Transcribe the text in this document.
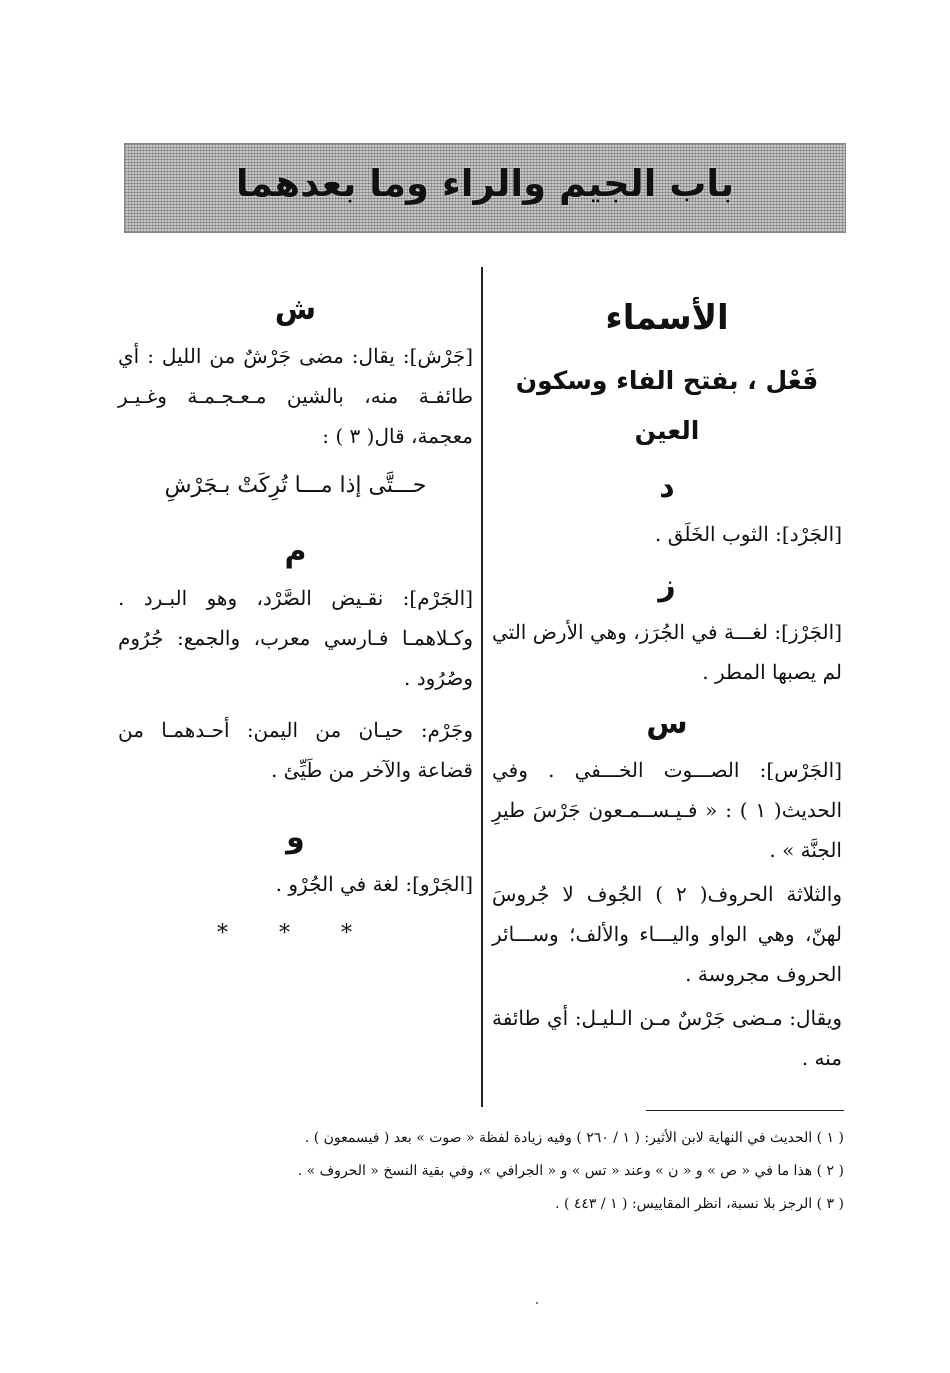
باب الجيم والراء وما بعدهما
الأسماء
فَعْل ، بفتح الفاء وسكون العين
د
[الجَرْد]: الثوب الخَلَق .
ز
[الجَرْز]: لغـــة في الجُرَز، وهي الأرض التي لم يصبها المطر .
س
[الجَرْس]: الصـــوت الخـــفي . وفي الحديث( ١ ) : « فـيـســمـعون جَرْسَ طيرِ الجنَّة » .
والثلاثة الحروف( ٢ ) الجُوف لا جُروسَ لهنّ، وهي الواو واليـــاء والألف؛ وســـائر الحروف مجروسة .
ويقال: مـضى جَرْسٌ مـن الـليـل: أي طائفة منه .
ش
[جَرْش]: يقال: مضى جَرْشٌ من الليل : أي طائفـة منه، بالشين مـعـجـمـة وغـيـر معجمة، قال( ٣ ) :
حـــتَّى إذا مـــا تُرِكَتْ بـجَرْشِ
م
[الجَرْم]: نقـيض الصَّرْد، وهو البـرد . وكـلاهمـا فـارسي معرب، والجمع: جُرُوم وصُرُود .
وجَرْم: حيـان من اليمن: أحـدهمـا من قضاعة والآخر من طَيِّئ .
و
[الجَرْو]: لغة في الجُرْو .
* * *
( ١ ) الحديث في النهاية لابن الأثير: ( ١ / ٢٦٠ ) وفيه زيادة لفظة « صوت » بعد ( فيسمعون ) .
( ٢ ) هذا ما في « ص » و « ن » وعند « تس » و « الجرافي »، وفي بقية النسخ « الحروف » .
( ٣ ) الرجز بلا نسبة، انظر المقاييس: ( ١ / ٤٤٣ ) .
